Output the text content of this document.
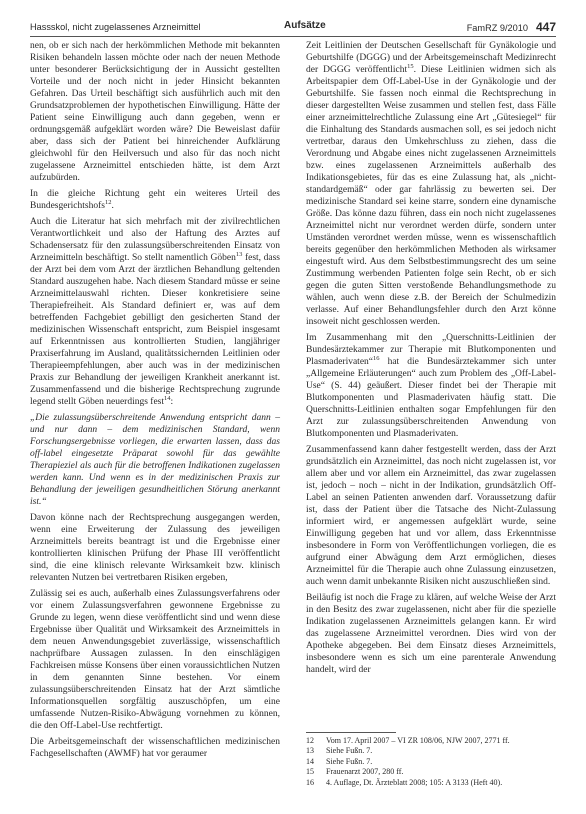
Hassskol, nicht zugelassenes Arzneimittel	Aufsätze	FamRZ 9/2010 447

nen, ob er sich nach der herkömmlichen Methode mit bekannten Risiken behandeln lassen möchte oder nach der neuen Methode unter besonderer Berücksichtigung der in Aussicht gestellten Vorteile und der noch nicht in jeder Hinsicht bekannten Gefahren. Das Urteil beschäftigt sich ausführlich auch mit den Grundsatzproblemen der hypothetischen Einwilligung. Hätte der Patient seine Einwilligung auch dann gegeben, wenn er ordnungsgemäß aufgeklärt worden wäre? Die Beweislast dafür aber, dass sich der Patient bei hinreichender Aufklärung gleichwohl für den Heilversuch und also für das noch nicht zugelassene Arzneimittel entschieden hätte, ist dem Arzt aufzubürden.

In die gleiche Richtung geht ein weiteres Urteil des Bundesgerichtshofs$^{12}$.

Auch die Literatur hat sich mehrfach mit der zivilrechtlichen Verantwortlichkeit und also der Haftung des Arztes auf Schadensersatz für den zulassungsüberschreitenden Einsatz von Arzneimitteln beschäftigt. So stellt namentlich Göben$^{13}$ fest, dass der Arzt bei dem vom Arzt der ärztlichen Behandlung geltenden Standard auszugehen habe. Nach diesem Standard müsse er seine Arzneimittelauswahl richten. Dieser konkretisiere seine Therapiefreiheit. Als Standard definiert er, was auf dem betreffenden Fachgebiet gebilligt den gesicherten Stand der medizinischen Wissenschaft entspricht, zum Beispiel insgesamt auf Erkenntnissen aus kontrollierten Studien, langjähriger Praxiserfahrung im Ausland, qualitätssichernden Leitlinien oder Therapieempfehlungen, aber auch was in der medizinischen Praxis zur Behandlung der jeweiligen Krankheit anerkannt ist. Zusammenfassend und die bisherige Rechtsprechung zugrunde legend stellt Göben neuerdings fest$^{14}$:

„Die zulassungsüberschreitende Anwendung entspricht dann – und nur dann – dem medizinischen Standard, wenn Forschungsergebnisse vorliegen, die erwarten lassen, dass das off-label eingesetzte Präparat sowohl für das gewählte Therapieziel als auch für die betroffenen Indikationen zugelassen werden kann. Und wenn es in der medizinischen Praxis zur Behandlung der jeweiligen gesundheitlichen Störung anerkannt ist.“

Davon könne nach der Rechtsprechung ausgegangen werden, wenn eine Erweiterung der Zulassung des jeweiligen Arzneimittels bereits beantragt ist und die Ergebnisse einer kontrollierten klinischen Prüfung der Phase III veröffentlicht sind, die eine klinisch relevante Wirksamkeit bzw. klinisch relevanten Nutzen bei vertretbaren Risiken ergeben,

Zulässig sei es auch, außerhalb eines Zulassungsverfahrens oder vor einem Zulassungsverfahren gewonnene Ergebnisse zu Grunde zu legen, wenn diese veröffentlicht sind und wenn diese Ergebnisse über Qualität und Wirksamkeit des Arzneimittels in dem neuen Anwendungsgebiet zuverlässige, wissenschaftlich nachprüfbare Aussagen zulassen. In den einschlägigen Fachkreisen müsse Konsens über einen voraussichtlichen Nutzen in dem genannten Sinne bestehen. Vor einem zulassungsüberschreitenden Einsatz hat der Arzt sämtliche Informationsquellen sorgfältig auszuschöpfen, um eine umfassende Nutzen-Risiko-Abwägung vornehmen zu können, die den Off-Label-Use rechtfertigt.

Die Arbeitsgemeinschaft der wissenschaftlichen medizinischen Fachgesellschaften (AWMF) hat vor geraumer

Zeit Leitlinien der Deutschen Gesellschaft für Gynäkologie und Geburtshilfe (DGGG) und der Arbeitsgemeinschaft Medizinrecht der DGGG veröffentlicht$^{15}$. Diese Leitlinien widmen sich als Arbeitspapier dem Off-Label-Use in der Gynäkologie und der Geburtshilfe. Sie fassen noch einmal die Rechtsprechung in dieser dargestellten Weise zusammen und stellen fest, dass Fälle einer arzneimittelrechtliche Zulassung eine Art „Gütesiegel“ für die Einhaltung des Standards ausmachen soll, es sei jedoch nicht vertretbar, daraus den Umkehrschluss zu ziehen, dass die Verordnung und Abgabe eines nicht zugelassenen Arzneimittels bzw. eines zugelassenen Arzneimittels außerhalb des Indikationsgebietes, für das es eine Zulassung hat, als „nicht-standardgemäß“ oder gar fahrlässig zu bewerten sei. Der medizinische Standard sei keine starre, sondern eine dynamische Größe. Das könne dazu führen, dass ein noch nicht zugelassenes Arzneimittel nicht nur verordnet werden dürfe, sondern unter Umständen verordnet werden müsse, wenn es wissenschaftlich bereits gegenüber den herkömmlichen Methoden als wirksamer eingestuft wird. Aus dem Selbstbestimmungsrecht des um seine Zustimmung werbenden Patienten folge sein Recht, ob er sich gegen die guten Sitten verstoßende Behandlungsmethode zu wählen, auch wenn diese z.B. der Bereich der Schulmedizin verlasse. Auf einer Behandlungsfehler durch den Arzt könne insoweit nicht geschlossen werden.

Im Zusammenhang mit den „Querschnitts-Leitlinien der Bundesärztekammer zur Therapie mit Blutkomponenten und Plasmaderivaten“$^{16}$ hat die Bundesärztekammer sich unter „Allgemeine Erläuterungen“ auch zum Problem des „Off-Label-Use“ (S. 44) geäußert. Dieser findet bei der Therapie mit Blutkomponenten und Plasmaderivaten häufig statt. Die Querschnitts-Leitlinien enthalten sogar Empfehlungen für den Arzt zur zulassungsüberschreitenden Anwendung von Blutkomponenten und Plasmaderivaten.

Zusammenfassend kann daher festgestellt werden, dass der Arzt grundsätzlich ein Arzneimittel, das noch nicht zugelassen ist, vor allem aber und vor allem ein Arzneimittel, das zwar zugelassen ist, jedoch – noch – nicht in der Indikation, grundsätzlich Off-Label an seinen Patienten anwenden darf. Voraussetzung dafür ist, dass der Patient über die Tatsache des Nicht-Zulassung informiert wird, er angemessen aufgeklärt wurde, seine Einwilligung gegeben hat und vor allem, dass Erkenntnisse insbesondere in Form von Veröffentlichungen vorliegen, die es aufgrund einer Abwägung dem Arzt ermöglichen, dieses Arzneimittel für die Therapie auch ohne Zulassung einzusetzen, auch wenn damit unbekannte Risiken nicht auszuschließen sind.

Beiläufig ist noch die Frage zu klären, auf welche Weise der Arzt in den Besitz des zwar zugelassenen, nicht aber für die spezielle Indikation zugelassenen Arzneimittels gelangen kann. Er wird das zugelassene Arzneimittel verordnen. Dies wird von der Apotheke abgegeben. Bei dem Einsatz dieses Arzneimittels, insbesondere wenn es sich um eine parenterale Anwendung handelt, wird der

12 Vom 17. April 2007 – VI ZR 108/06, NJW 2007, 2771 ff.
13 Siehe Fußn. 7.
14 Siehe Fußn. 7.
15 Frauenarzt 2007, 280 ff.
16 4. Auflage, Dt. Ärzteblatt 2008; 105: A 3133 (Heft 40).
